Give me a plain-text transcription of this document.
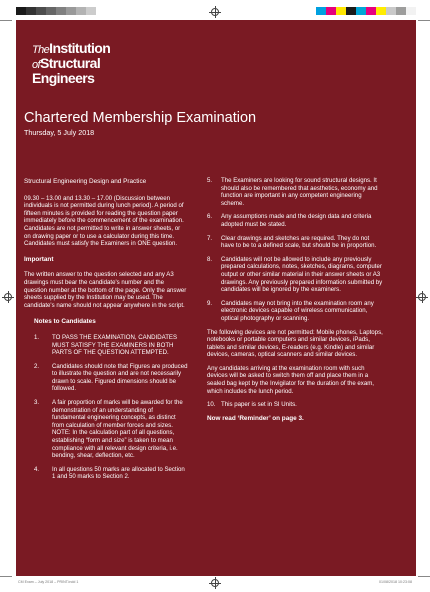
TheInstitution
ofStructural
Engineers
Chartered Membership Examination
Thursday, 5 July 2018
Structural Engineering Design and Practice

09.30 – 13.00 and 13.30 – 17.00 (Discussion between individuals is not permitted during lunch period). A period of fifteen minutes is provided for reading the question paper immediately before the commencement of the examination. Candidates are not permitted to write in answer sheets, or on drawing paper or to use a calculator during this time. Candidates must satisfy the Examiners in ONE question.

Important

The written answer to the question selected and any A3 drawings must bear the candidate's number and the question number at the bottom of the page. Only the answer sheets supplied by the Institution may be used. The candidate's name should not appear anywhere in the script.

Notes to Candidates
1.	TO PASS THE EXAMINATION, CANDIDATES MUST SATISFY THE EXAMINERS IN BOTH PARTS OF THE QUESTION ATTEMPTED.
2.	Candidates should note that Figures are produced to illustrate the question and are not necessarily drawn to scale. Figured dimensions should be followed.
3.	A fair proportion of marks will be awarded for the demonstration of an understanding of fundamental engineering concepts, as distinct from calculation of member forces and sizes. NOTE: In the calculation part of all questions, establishing “form and size” is taken to mean compliance with all relevant design criteria, i.e. bending, shear, deflection, etc.
4.	In all questions 50 marks are allocated to Section 1 and 50 marks to Section 2.
5.	The Examiners are looking for sound structural designs. It should also be remembered that aesthetics, economy and function are important in any competent engineering scheme.
6.	Any assumptions made and the design data and criteria adopted must be stated.
7.	Clear drawings and sketches are required. They do not have to be to a defined scale, but should be in proportion.
8.	Candidates will not be allowed to include any previously prepared calculations, notes, sketches, diagrams, computer output or other similar material in their answer sheets or A3 drawings. Any previously prepared information submitted by candidates will be ignored by the examiners.
9.	Candidates may not bring into the examination room any electronic devices capable of wireless communication, optical photography or scanning.

The following devices are not permitted: Mobile phones, Laptops, notebooks or portable computers and similar devices, iPads, tablets and similar devices, E-readers (e.g. Kindle) and similar devices, cameras, optical scanners and similar devices.

Any candidates arriving at the examination room with such devices will be asked to switch them off and place them in a sealed bag kept by the Invigilator for the duration of the exam, which includes the lunch period.

10. This paper is set in SI Units.

Now read ‘Reminder’ on page 3.

CM Exam – July 2018 – PRINT.indd 1	01/08/2018 10:23:08
